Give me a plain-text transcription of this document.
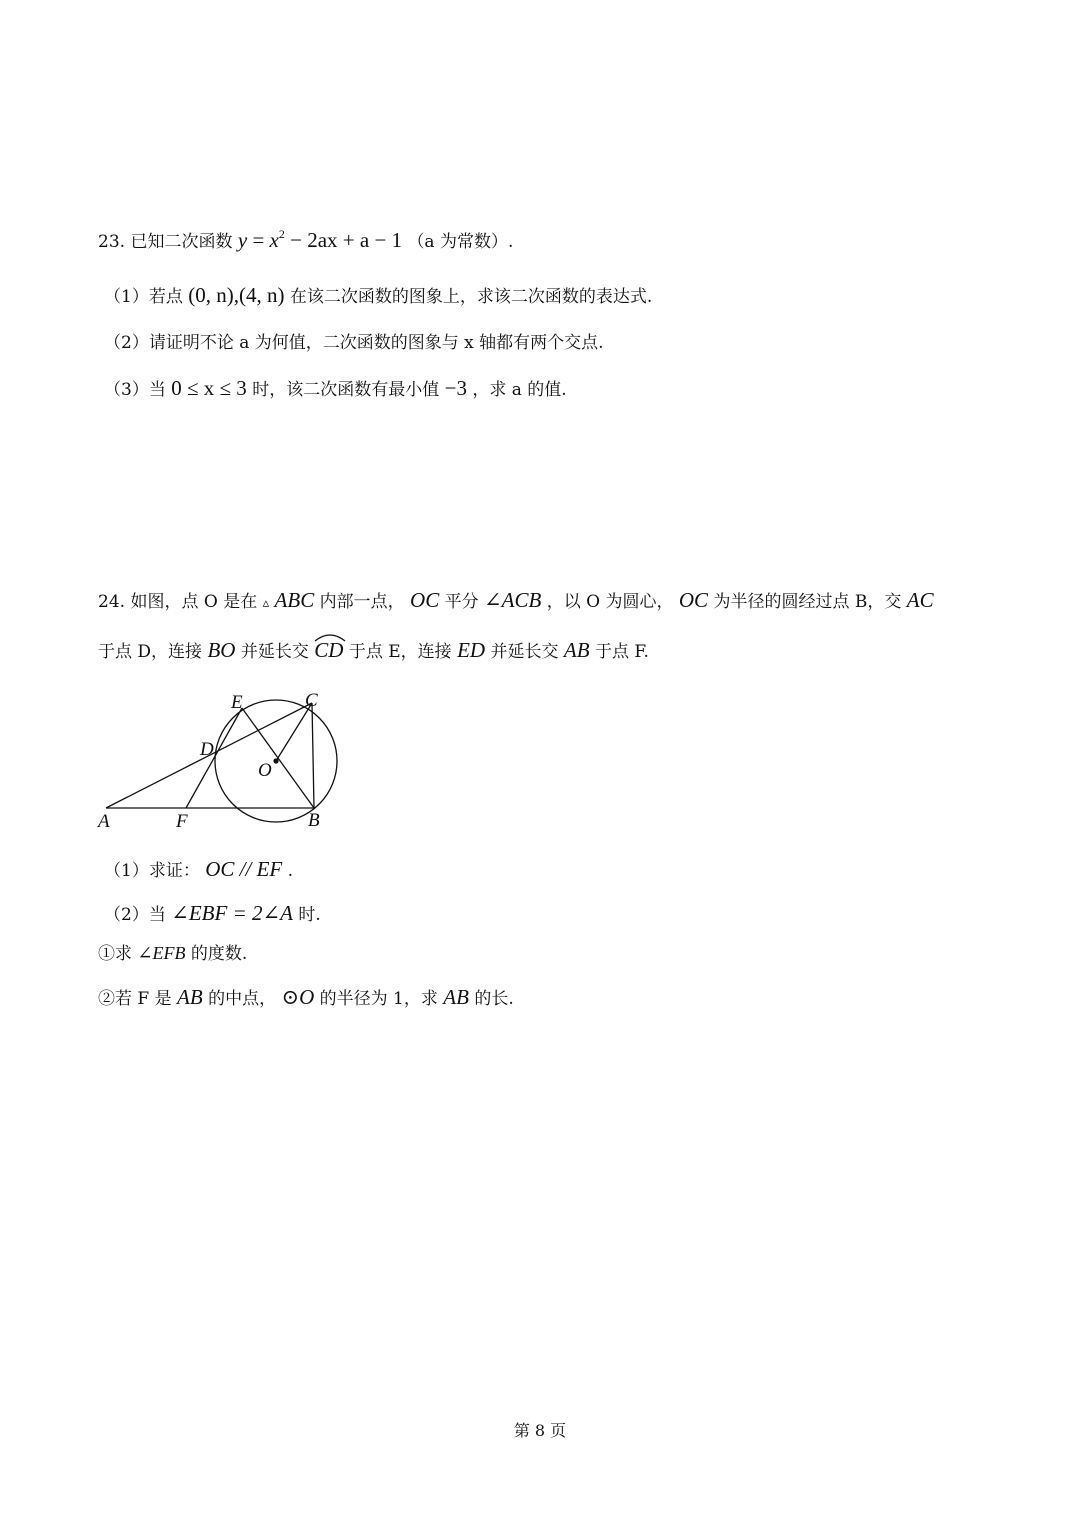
23. 已知二次函数 $y = x^2 - 2ax + a - 1$ （a 为常数）.
（1）若点 (0, n),(4, n) 在该二次函数的图象上，求该二次函数的表达式.
（2）请证明不论 a 为何值，二次函数的图象与 x 轴都有两个交点.
（3）当 0 ≤ x ≤ 3 时，该二次函数有最小值 −3 ，求 a 的值.
24. 如图，点 O 是在 ▵ ABC 内部一点， OC 平分 ∠ACB ，以 O 为圆心， OC 为半径的圆经过点 B，交 AC
于点 D，连接 BO 并延长交 CD 于点 E，连接 ED 并延长交 AB 于点 F.
A	F	B
C
E
D
O
（1）求证： OC // EF .
（2）当 ∠EBF = 2∠A 时.
①求 ∠EFB 的度数.
②若 F 是 AB 的中点， ⊙O 的半径为 1，求 AB 的长.
第 8 页
